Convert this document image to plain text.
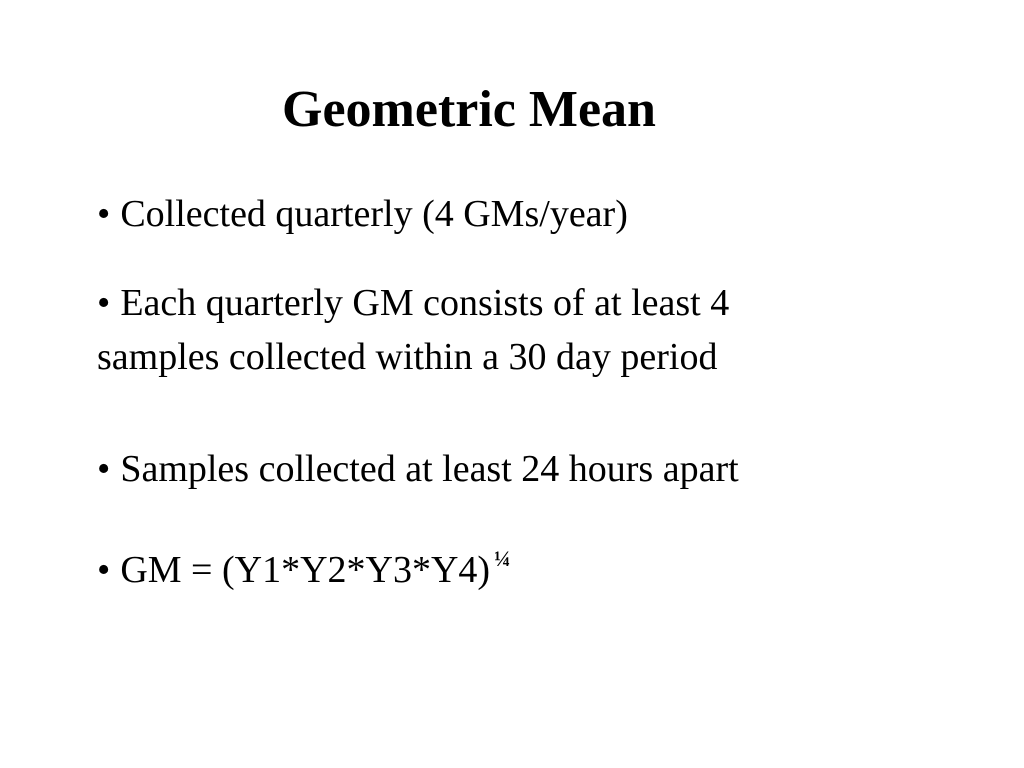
Geometric Mean

• Collected quarterly (4 GMs/year)

• Each quarterly GM consists of at least 4
samples collected within a 30 day period

• Samples collected at least 24 hours apart

• GM = (Y1*Y2*Y3*Y4) $^{\frac{1}{4}}$
